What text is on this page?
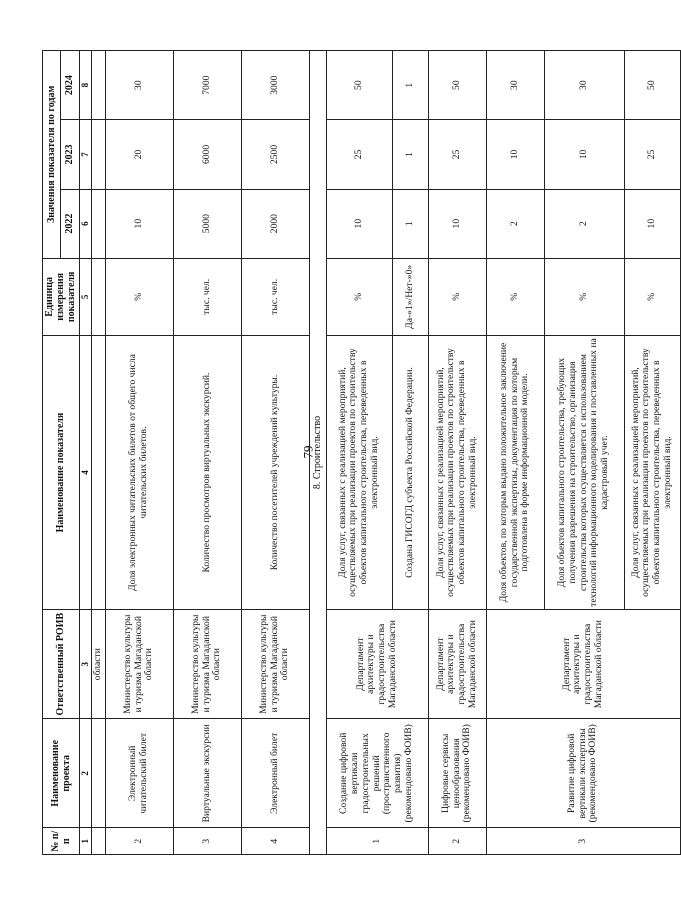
79
№ п/п	Наименование проекта	Ответственный РОИВ	Наименование показателя	Единица измерения показателя	Значения показателя по годам		
					2022	2023	2024
1	2	3	4	5	6	7	8
		области					
2	Электронный читательский билет	Министерство культуры и туризма Магаданской области	Доля электронных читательских билетов от общего числа читательских билетов.	%	10	20	30
3	Виртуальные экскурсии	Министерство культуры и туризма Магаданской области	Количество просмотров виртуальных экскурсий.	тыс. чел.	5000	6000	7000
4	Электронный билет	Министерство культуры и туризма Магаданской области	Количество посетителей учреждений культуры.	тыс. чел.	2000	2500	3000
8. Строительство							
1	Создание цифровой вертикали градостроительных решений (пространственного развития) (рекомендовано ФОИВ)	Департамент архитектуры и градостроительства Магаданской области	Доля услуг, связанных с реализацией мероприятий, осуществляемых при реализации проектов по строительству объектов капитального строительства, переведенных в электронный вид.	%	10	25	50
			Создана ГИСОГД субъекта Российской Федерации.	Да-»1»/Нет-»0»	1	1	1
2	Цифровые сервисы ценообразования (рекомендовано ФОИВ)	Департамент архитектуры и градостроительства Магаданской области	Доля услуг, связанных с реализацией мероприятий, осуществляемых при реализации проектов по строительству объектов капитального строительства, переведенных в электронный вид.	%	10	25	50
3	Развитие цифровой вертикали экспертизы (рекомендовано ФОИВ)	Департамент архитектуры и градостроительства Магаданской области	Доля объектов, по которым выдано положительное заключение государственной экспертизы, документация по которым подготовлена в форме информационной модели.	%	2	10	30
			Доля объектов капитального строительства, требующих получения разрешения на строительство, организация строительства которых осуществляется с использованием технологий информационного моделирования и поставленных на кадастровый учет.	%	2	10	30
			Доля услуг, связанных с реализацией мероприятий, осуществляемых при реализации проектов по строительству объектов капитального строительства, переведенных в электронный вид.	%	10	25	50
